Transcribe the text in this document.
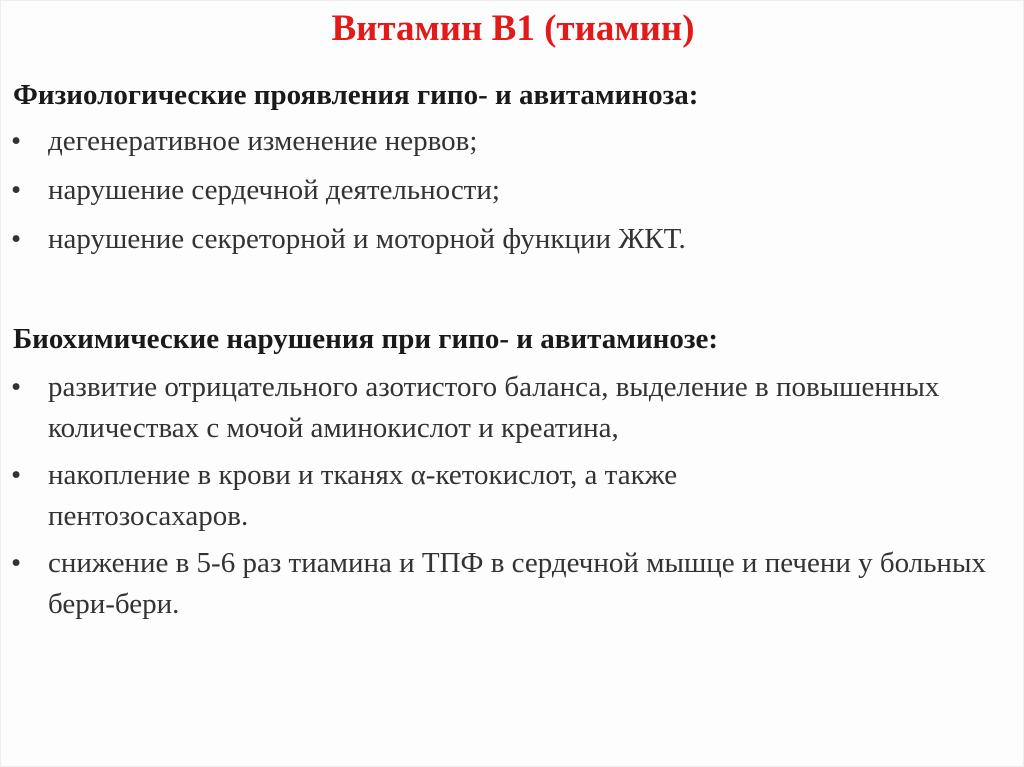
Витамин В1 (тиамин)
Физиологические проявления гипо- и авитаминоза:
• дегенеративное изменение нервов;
• нарушение сердечной деятельности;
• нарушение секреторной и моторной функции ЖКТ.
Биохимические нарушения при гипо- и авитаминозе:
• развитие отрицательного азотистого баланса, выделение в повышенных количествах с мочой аминокислот и креатина,
• накопление в крови и тканях α-кетокислот, а также пентозосахаров.
• снижение в 5-6 раз тиамина и ТПФ в сердечной мышце и печени у больных бери-бери.
